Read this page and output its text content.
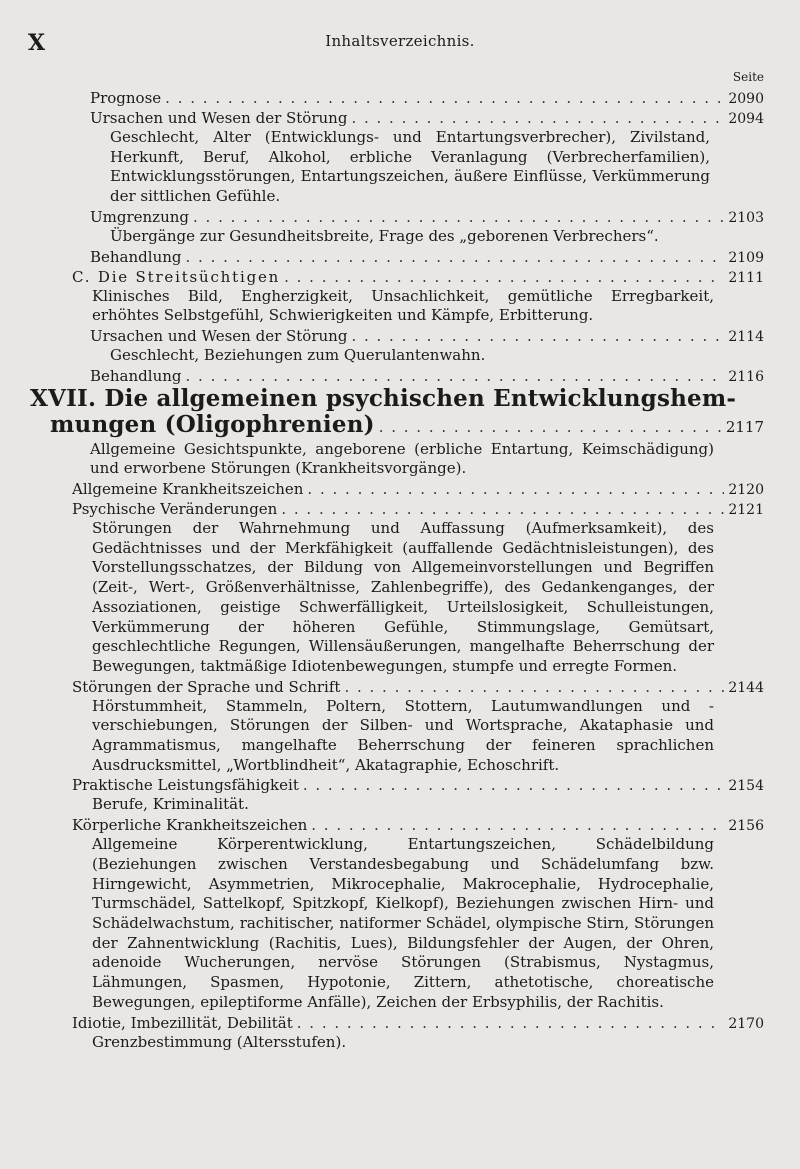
X	Inhaltsverzeichnis.
Seite
Prognose . . .	2090
Ursachen und Wesen der Störung . . .	2094
Geschlecht, Alter (Entwicklungs- und Entartungsverbrecher), Zivilstand, Herkunft, Beruf, Alkohol, erbliche Veranlagung (Verbrecherfamilien), Entwicklungsstörungen, Entartungszeichen, äußere Einflüsse, Verkümmerung der sittlichen Gefühle.
Umgrenzung . . .	2103
Übergänge zur Gesundheitsbreite, Frage des „geborenen Verbrechers“.
Behandlung . . .	2109
C. Die Streitsüchtigen . . .	2111
Klinisches Bild, Engherzigkeit, Unsachlichkeit, gemütliche Erregbarkeit, erhöhtes Selbstgefühl, Schwierigkeiten und Kämpfe, Erbitterung.
Ursachen und Wesen der Störung . . .	2114
Geschlecht, Beziehungen zum Querulantenwahn.
Behandlung . . .	2116
XVII. Die allgemeinen psychischen Entwicklungshem-
mungen (Oligophrenien) . . .	2117
Allgemeine Gesichtspunkte, angeborene (erbliche Entartung, Keimschädigung) und erworbene Störungen (Krankheitsvorgänge).
Allgemeine Krankheitszeichen . . .	2120
Psychische Veränderungen . . .	2121
Störungen der Wahrnehmung und Auffassung (Aufmerksamkeit), des Gedächtnisses und der Merkfähigkeit (auffallende Gedächtnisleistungen), des Vorstellungsschatzes, der Bildung von Allgemeinvorstellungen und Begriffen (Zeit-, Wert-, Größenverhältnisse, Zahlenbegriffe), des Gedankenganges, der Assoziationen, geistige Schwerfälligkeit, Urteilslosigkeit, Schulleistungen, Verkümmerung der höheren Gefühle, Stimmungslage, Gemütsart, geschlechtliche Regungen, Willensäußerungen, mangelhafte Beherrschung der Bewegungen, taktmäßige Idiotenbewegungen, stumpfe und erregte Formen.
Störungen der Sprache und Schrift . . .	2144
Hörstummheit, Stammeln, Poltern, Stottern, Lautumwandlungen und -verschiebungen, Störungen der Silben- und Wortsprache, Akataphasie und Agrammatismus, mangelhafte Beherrschung der feineren sprachlichen Ausdrucksmittel, „Wortblindheit“, Akatagraphie, Echoschrift.
Praktische Leistungsfähigkeit . . .	2154
Berufe, Kriminalität.
Körperliche Krankheitszeichen . . .	2156
Allgemeine Körperentwicklung, Entartungszeichen, Schädelbildung (Beziehungen zwischen Verstandesbegabung und Schädelumfang bzw. Hirngewicht, Asymmetrien, Mikrocephalie, Makrocephalie, Hydrocephalie, Turmschädel, Sattelkopf, Spitzkopf, Kielkopf), Beziehungen zwischen Hirn- und Schädelwachstum, rachitischer, natiformer Schädel, olympische Stirn, Störungen der Zahnentwicklung (Rachitis, Lues), Bildungsfehler der Augen, der Ohren, adenoide Wucherungen, nervöse Störungen (Strabismus, Nystagmus, Lähmungen, Spasmen, Hypotonie, Zittern, athetotische, choreatische Bewegungen, epileptiforme Anfälle), Zeichen der Erbsyphilis, der Rachitis.
Idiotie, Imbezillität, Debilität . . .	2170
Grenzbestimmung (Altersstufen).
